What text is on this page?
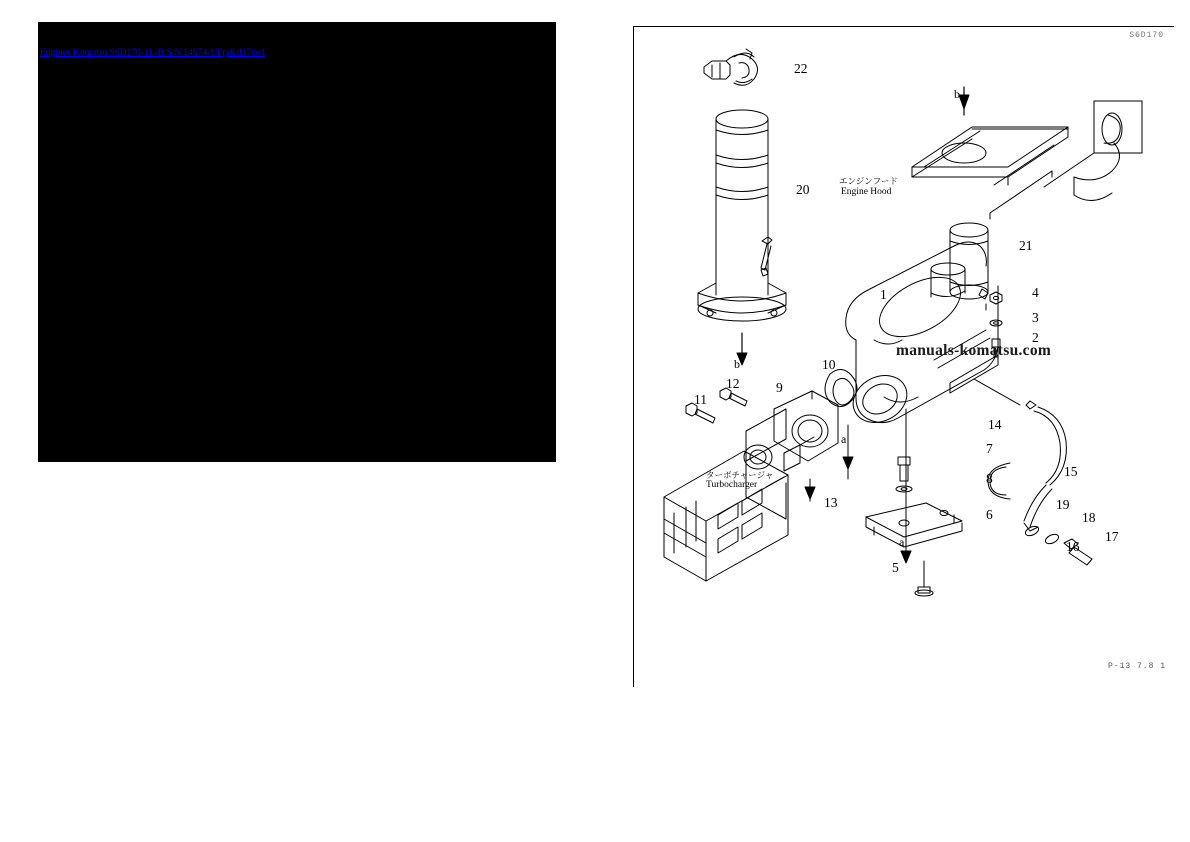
Engines Komatsu S6D170-1L-B S/N 14674-UP(s&d170ed
エンジンフード
Engine Hood
ターボチャージャ
Turbocharger
b
b
a
a
1
2
3
4
5
6
7
8
9
10
11
12
13
14
15
16
17
18
19
20
21
22
manuals-komatsu.com
P-13 7.8 1
S6D170
